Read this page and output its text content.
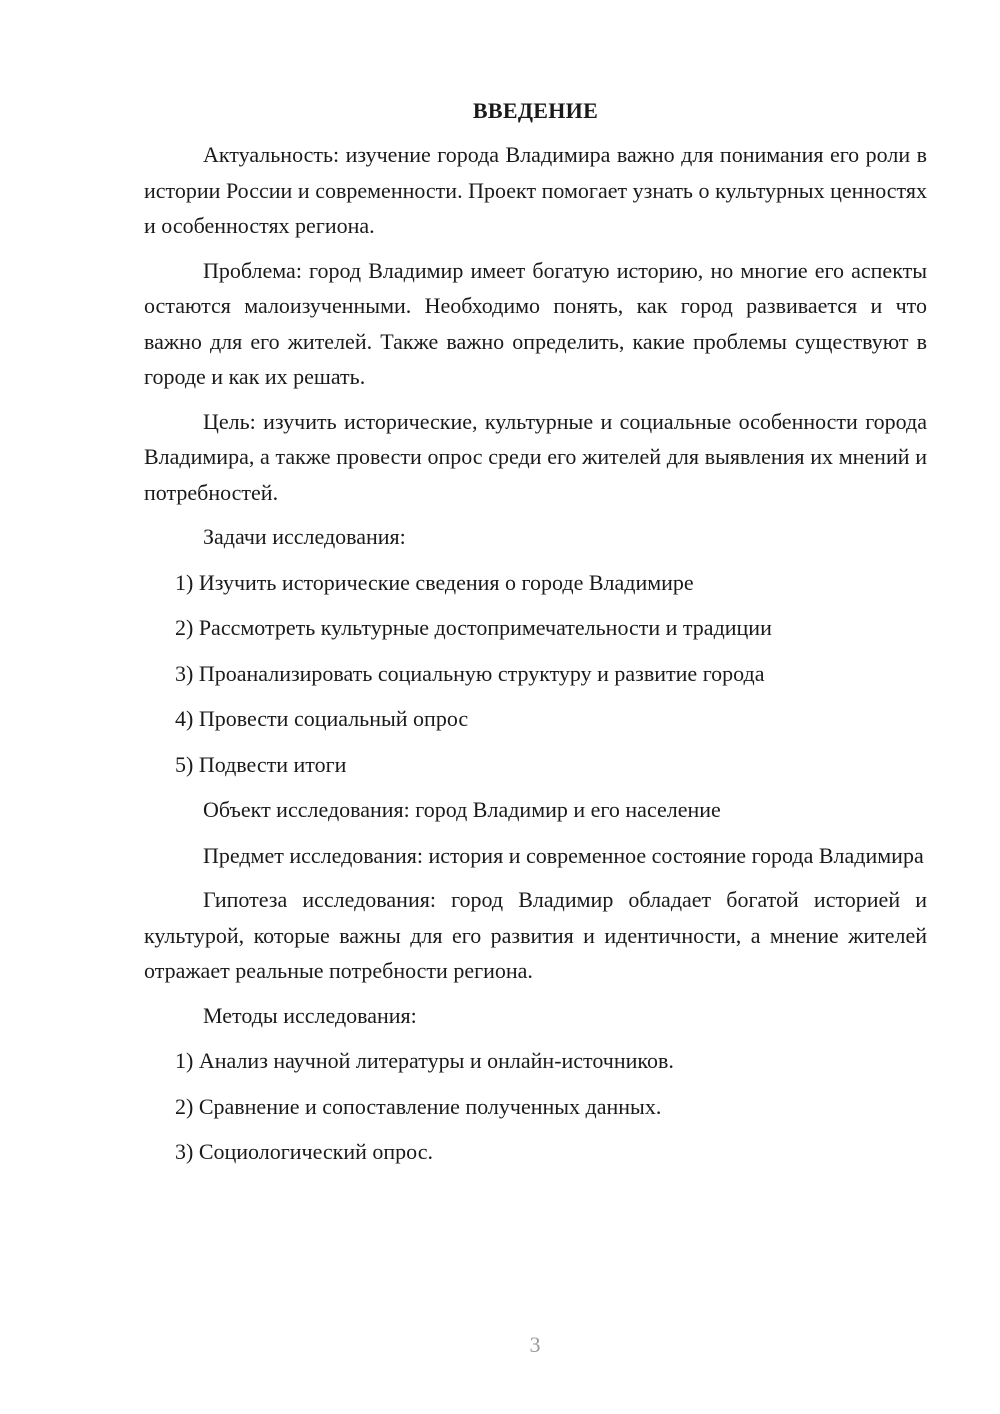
ВВЕДЕНИЕ

Актуальность: изучение города Владимира важно для понимания его роли в истории России и современности. Проект помогает узнать о культурных ценностях и особенностях региона.

Проблема: город Владимир имеет богатую историю, но многие его аспекты остаются малоизученными. Необходимо понять, как город развивается и что важно для его жителей. Также важно определить, какие проблемы существуют в городе и как их решать.

Цель: изучить исторические, культурные и социальные особенности города Владимира, а также провести опрос среди его жителей для выявления их мнений и потребностей.

Задачи исследования:

1) Изучить исторические сведения о городе Владимире
2) Рассмотреть культурные достопримечательности и традиции
3) Проанализировать социальную структуру и развитие города
4) Провести социальный опрос
5) Подвести итоги

Объект исследования: город Владимир и его население

Предмет исследования: история и современное состояние города Владимира

Гипотеза исследования: город Владимир обладает богатой историей и культурой, которые важны для его развития и идентичности, а мнение жителей отражает реальные потребности региона.

Методы исследования:

1) Анализ научной литературы и онлайн-источников.
2) Сравнение и сопоставление полученных данных.
3) Социологический опрос.
3
